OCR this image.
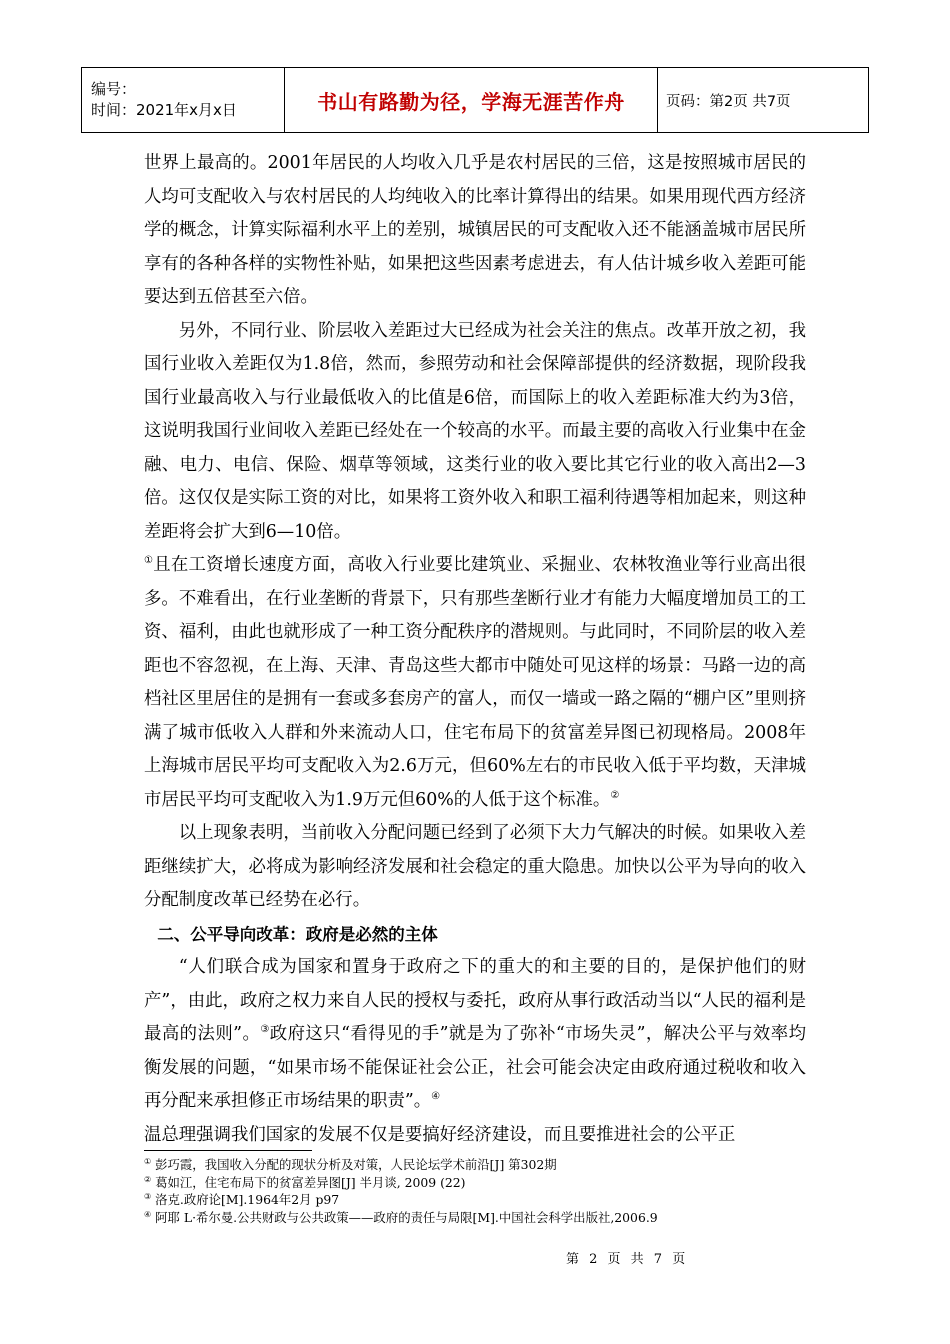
编号：
时间：2021年x月x日	书山有路勤为径，学海无涯苦作舟	页码：第2页 共7页

世界上最高的。2001年居民的人均收入几乎是农村居民的三倍，这是按照城市居民的人均可支配收入与农村居民的人均纯收入的比率计算得出的结果。如果用现代西方经济学的概念，计算实际福利水平上的差别，城镇居民的可支配收入还不能涵盖城市居民所享有的各种各样的实物性补贴，如果把这些因素考虑进去，有人估计城乡收入差距可能要达到五倍甚至六倍。

另外，不同行业、阶层收入差距过大已经成为社会关注的焦点。改革开放之初，我国行业收入差距仅为1.8倍，然而，参照劳动和社会保障部提供的经济数据，现阶段我国行业最高收入与行业最低收入的比值是6倍，而国际上的收入差距标准大约为3倍，这说明我国行业间收入差距已经处在一个较高的水平。而最主要的高收入行业集中在金融、电力、电信、保险、烟草等领域，这类行业的收入要比其它行业的收入高出2—3倍。这仅仅是实际工资的对比，如果将工资外收入和职工福利待遇等相加起来，则这种差距将会扩大到6—10倍。
①且在工资增长速度方面，高收入行业要比建筑业、采掘业、农林牧渔业等行业高出很多。不难看出，在行业垄断的背景下，只有那些垄断行业才有能力大幅度增加员工的工资、福利，由此也就形成了一种工资分配秩序的潜规则。与此同时，不同阶层的收入差距也不容忽视，在上海、天津、青岛这些大都市中随处可见这样的场景：马路一边的高档社区里居住的是拥有一套或多套房产的富人，而仅一墙或一路之隔的“棚户区”里则挤满了城市低收入人群和外来流动人口，住宅布局下的贫富差异图已初现格局。2008年上海城市居民平均可支配收入为2.6万元，但60%左右的市民收入低于平均数，天津城市居民平均可支配收入为1.9万元但60%的人低于这个标准。②

以上现象表明，当前收入分配问题已经到了必须下大力气解决的时候。如果收入差距继续扩大，必将成为影响经济发展和社会稳定的重大隐患。加快以公平为导向的收入分配制度改革已经势在必行。

二、公平导向改革：政府是必然的主体

“人们联合成为国家和置身于政府之下的重大的和主要的目的，是保护他们的财产”，由此，政府之权力来自人民的授权与委托，政府从事行政活动当以“人民的福利是最高的法则”。③政府这只“看得见的手”就是为了弥补“市场失灵”，解决公平与效率均衡发展的问题，“如果市场不能保证社会公正，社会可能会决定由政府通过税收和收入再分配来承担修正市场结果的职责”。④
温总理强调我们国家的发展不仅是要搞好经济建设，而且要推进社会的公平正

① 彭巧霞，我国收入分配的现状分析及对策，人民论坛学术前沿[J] 第302期
② 葛如江，住宅布局下的贫富差异图[J] 半月谈, 2009 (22)
③ 洛克.政府论[M].1964年2月 p97
④ 阿耶 L·希尔曼.公共财政与公共政策——政府的责任与局限[M].中国社会科学出版社,2006.9
第 2 页 共 7 页
